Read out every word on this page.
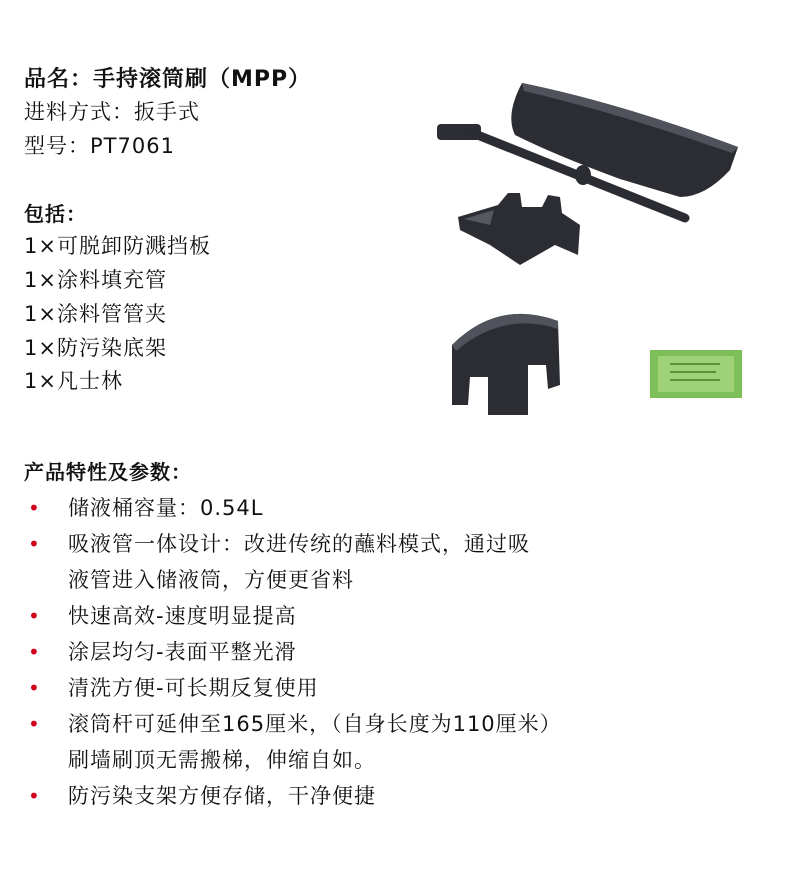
品名：手持滚筒刷（MPP）
进料方式：扳手式
型号：PT7061
包括：
1×可脱卸防溅挡板
1×涂料填充管
1×涂料管管夹
1×防污染底架
1×凡士林
产品特性及参数：
•	储液桶容量：0.54L
•	吸液管一体设计：改进传统的蘸料模式，通过吸
液管进入储液筒，方便更省料
•	快速高效-速度明显提高
•	涂层均匀-表面平整光滑
•	清洗方便-可长期反复使用
•	滚筒杆可延伸至165厘米，（自身长度为110厘米）
刷墙刷顶无需搬梯，伸缩自如。
•	防污染支架方便存储，干净便捷
